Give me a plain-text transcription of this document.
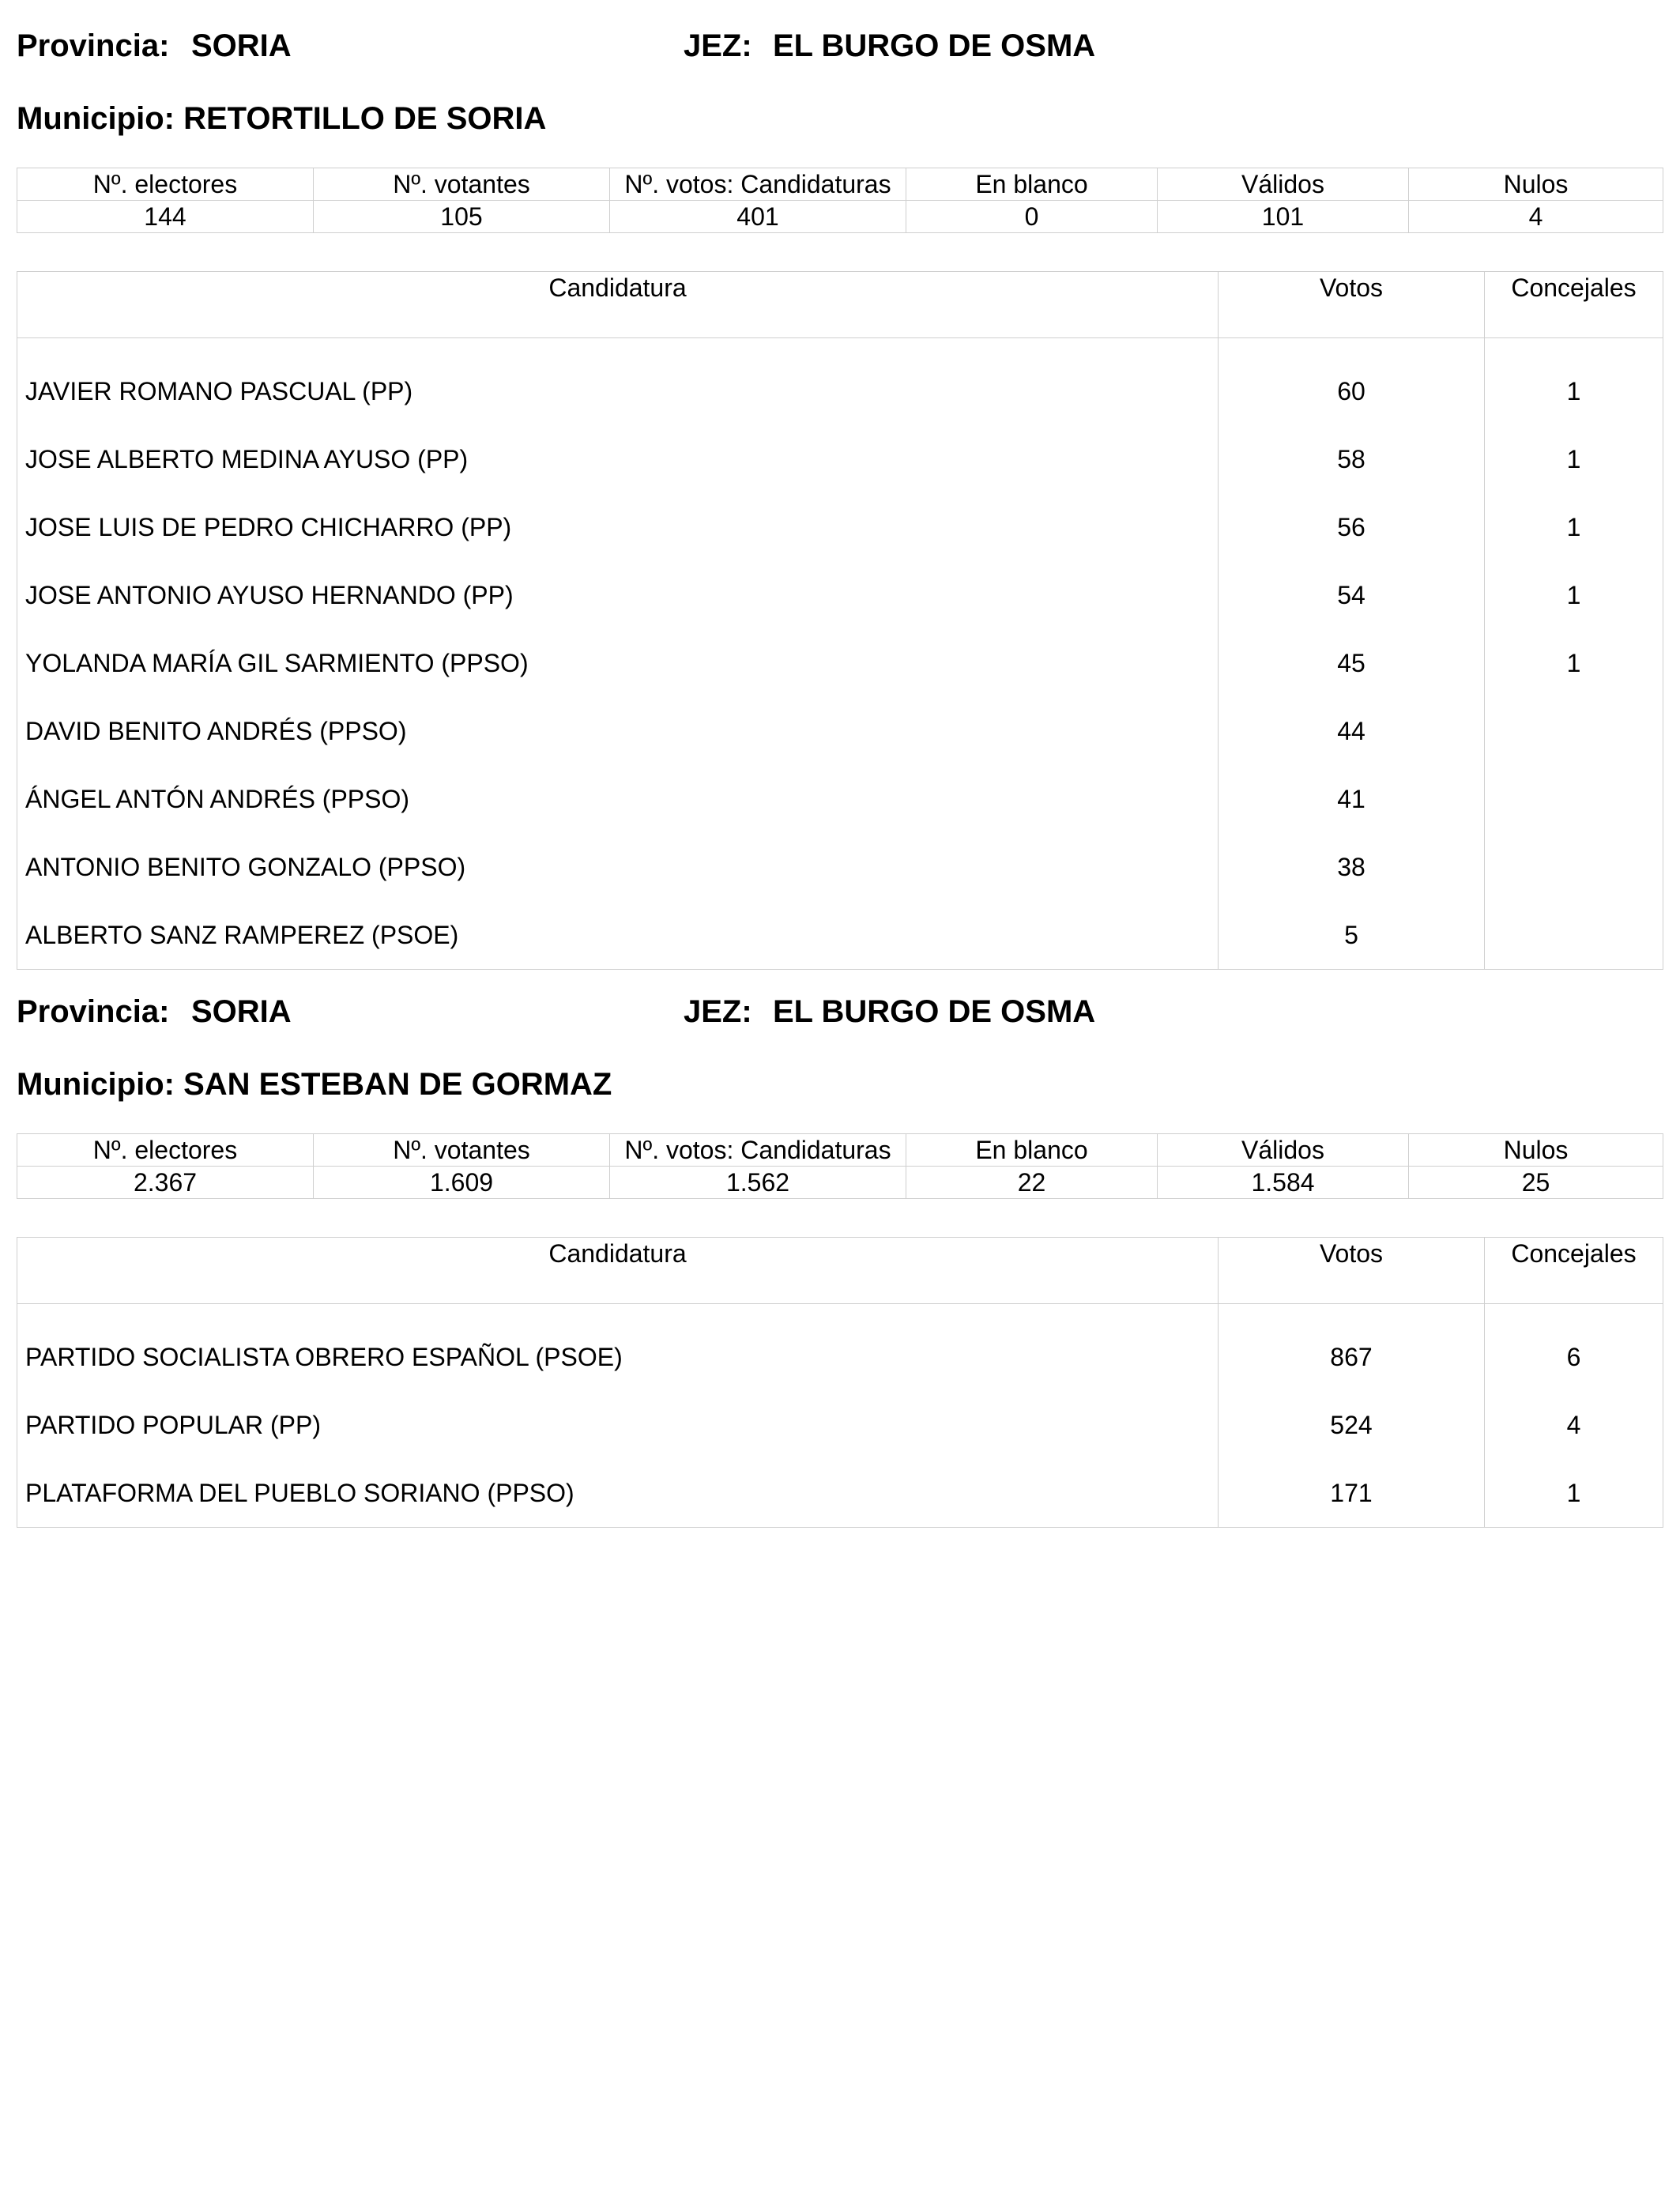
Provincia: SORIA	JEZ: EL BURGO DE OSMA
Municipio: RETORTILLO DE SORIA
Nº. electores	Nº. votantes	Nº. votos: Candidaturas	En blanco	Válidos	Nulos
144	105	401	0	101	4
Candidatura	Votos	Concejales
JAVIER ROMANO PASCUAL (PP)	60	1
JOSE ALBERTO MEDINA AYUSO (PP)	58	1
JOSE LUIS DE PEDRO CHICHARRO (PP)	56	1
JOSE ANTONIO AYUSO HERNANDO (PP)	54	1
YOLANDA MARÍA GIL SARMIENTO (PPSO)	45	1
DAVID BENITO ANDRÉS (PPSO)	44	
ÁNGEL ANTÓN ANDRÉS (PPSO)	41	
ANTONIO BENITO GONZALO (PPSO)	38	
ALBERTO SANZ RAMPEREZ (PSOE)	5	
Provincia: SORIA	JEZ: EL BURGO DE OSMA
Municipio: SAN ESTEBAN DE GORMAZ
Nº. electores	Nº. votantes	Nº. votos: Candidaturas	En blanco	Válidos	Nulos
2.367	1.609	1.562	22	1.584	25
Candidatura	Votos	Concejales
PARTIDO SOCIALISTA OBRERO ESPAÑOL (PSOE)	867	6
PARTIDO POPULAR (PP)	524	4
PLATAFORMA DEL PUEBLO SORIANO (PPSO)	171	1
